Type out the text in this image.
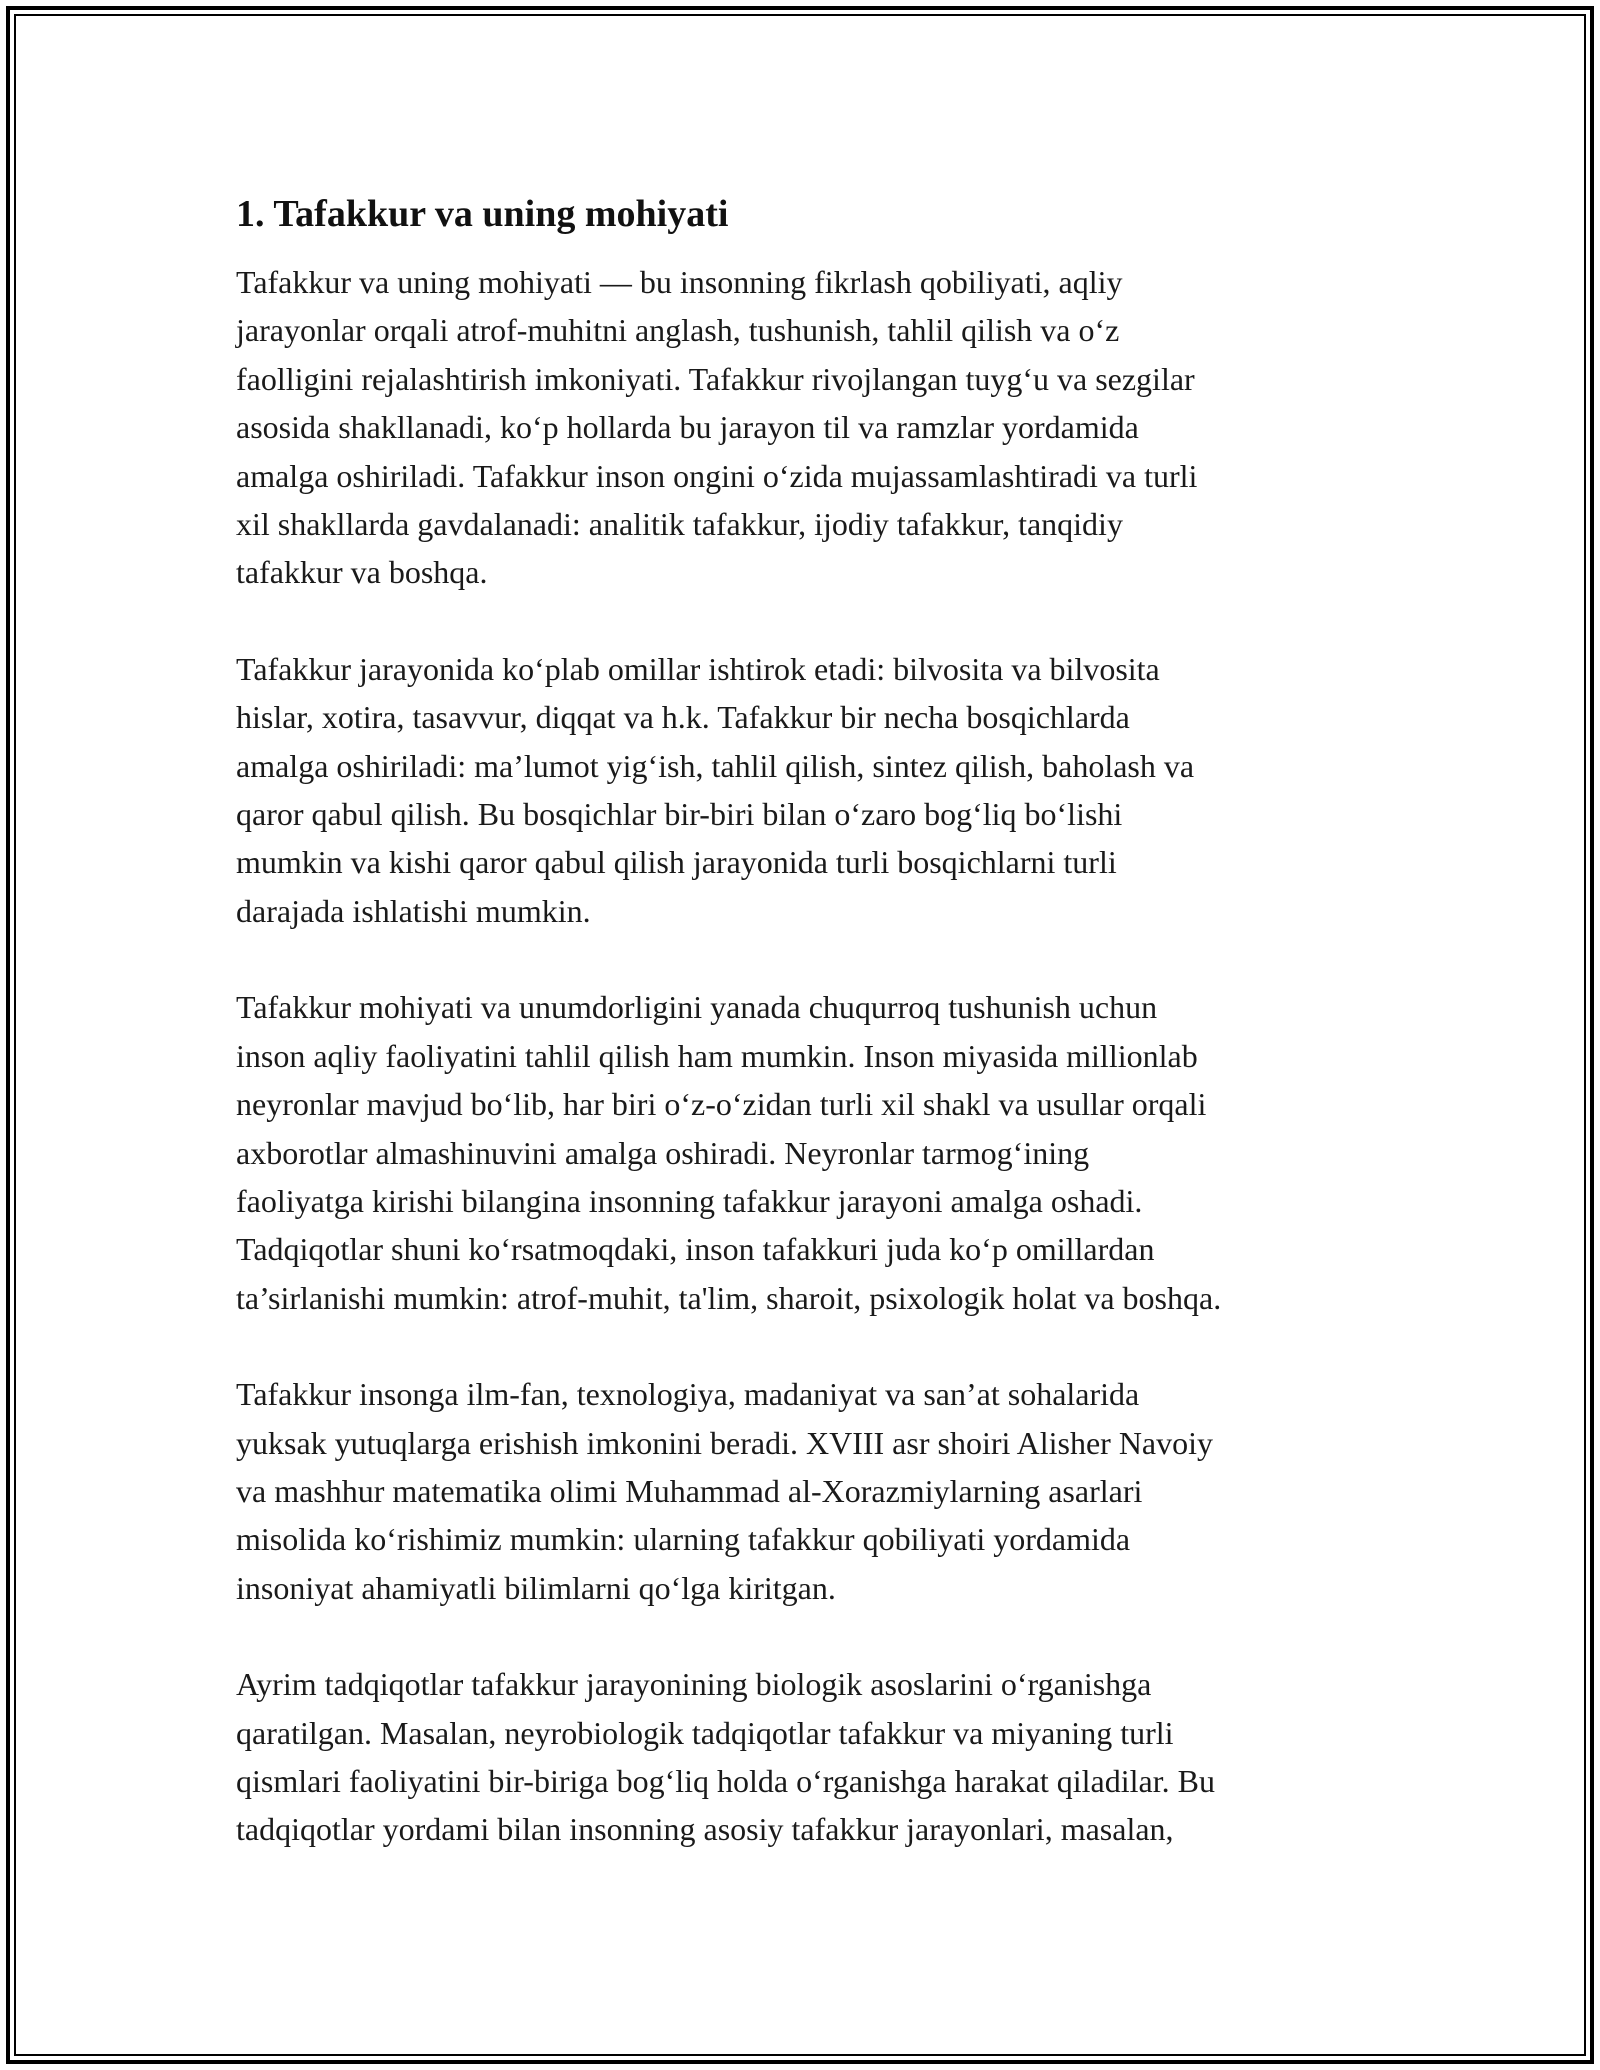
1. Tafakkur va uning mohiyati

Tafakkur va uning mohiyati — bu insonning fikrlash qobiliyati, aqliy
jarayonlar orqali atrof-muhitni anglash, tushunish, tahlil qilish va o‘z
faolligini rejalashtirish imkoniyati. Tafakkur rivojlangan tuyg‘u va sezgilar
asosida shakllanadi, ko‘p hollarda bu jarayon til va ramzlar yordamida
amalga oshiriladi. Tafakkur inson ongini o‘zida mujassamlashtiradi va turli
xil shakllarda gavdalanadi: analitik tafakkur, ijodiy tafakkur, tanqidiy
tafakkur va boshqa.

Tafakkur jarayonida ko‘plab omillar ishtirok etadi: bilvosita va bilvosita
hislar, xotira, tasavvur, diqqat va h.k. Tafakkur bir necha bosqichlarda
amalga oshiriladi: ma’lumot yig‘ish, tahlil qilish, sintez qilish, baholash va
qaror qabul qilish. Bu bosqichlar bir-biri bilan o‘zaro bog‘liq bo‘lishi
mumkin va kishi qaror qabul qilish jarayonida turli bosqichlarni turli
darajada ishlatishi mumkin.

Tafakkur mohiyati va unumdorligini yanada chuqurroq tushunish uchun
inson aqliy faoliyatini tahlil qilish ham mumkin. Inson miyasida millionlab
neyronlar mavjud bo‘lib, har biri o‘z-o‘zidan turli xil shakl va usullar orqali
axborotlar almashinuvini amalga oshiradi. Neyronlar tarmog‘ining
faoliyatga kirishi bilangina insonning tafakkur jarayoni amalga oshadi.
Tadqiqotlar shuni ko‘rsatmoqdaki, inson tafakkuri juda ko‘p omillardan
ta’sirlanishi mumkin: atrof-muhit, ta'lim, sharoit, psixologik holat va boshqa.

Tafakkur insonga ilm-fan, texnologiya, madaniyat va san’at sohalarida
yuksak yutuqlarga erishish imkonini beradi. XVIII asr shoiri Alisher Navoiy
va mashhur matematika olimi Muhammad al-Xorazmiylarning asarlari
misolida ko‘rishimiz mumkin: ularning tafakkur qobiliyati yordamida
insoniyat ahamiyatli bilimlarni qo‘lga kiritgan.

Ayrim tadqiqotlar tafakkur jarayonining biologik asoslarini o‘rganishga
qaratilgan. Masalan, neyrobiologik tadqiqotlar tafakkur va miyaning turli
qismlari faoliyatini bir-biriga bog‘liq holda o‘rganishga harakat qiladilar. Bu
tadqiqotlar yordami bilan insonning asosiy tafakkur jarayonlari, masalan,
